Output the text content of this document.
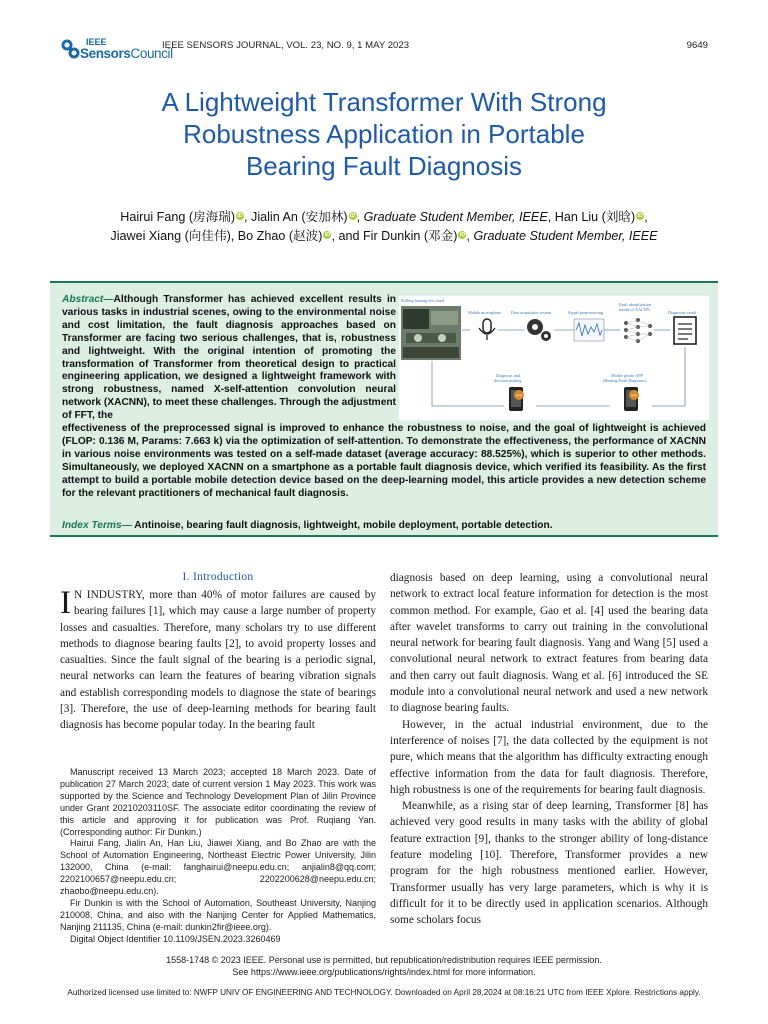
IEEE
SensorsCouncil
IEEE SENSORS JOURNAL, VOL. 23, NO. 9, 1 MAY 2023	9649
A Lightweight Transformer With Strong
Robustness Application in Portable
Bearing Fault Diagnosis
Hairui Fang (房海瑞) iD, Jialin An (安加林) iD, Graduate Student Member, IEEE, Han Liu (刘晗) iD,
Jiawei Xiang (向佳伟), Bo Zhao (赵波) iD, and Fir Dunkin (邓金) iD, Graduate Student Member, IEEE
Abstract—Although Transformer has achieved excellent results in various tasks in industrial scenes, owing to the environmental noise and cost limitation, the fault diagnosis approaches based on Transformer are facing two serious challenges, that is, robustness and lightweight. With the original intention of promoting the transformation of Transformer from theoretical design to practical engineering application, we designed a lightweight framework with strong robustness, named X-self-attention convolution neural network (XACNN), to meet these challenges. Through the adjustment of FFT, the
effectiveness of the preprocessed signal is improved to enhance the robustness to noise, and the goal of lightweight is achieved (FLOP: 0.136 M, Params: 7.663 k) via the optimization of self-attention. To demonstrate the effectiveness, the performance of XACNN in various noise environments was tested on a self-made dataset (average accuracy: 88.525%), which is superior to other methods. Simultaneously, we deployed XACNN on a smartphone as a portable fault diagnosis device, which verified its feasibility. As the first attempt to build a portable mobile detection device based on the deep-learning model, this article provides a new detection scheme for the relevant practitioners of mechanical fault diagnosis.
Index Terms— Antinoise, bearing fault diagnosis, lightweight, mobile deployment, portable detection.
Rolling bearing test stand
Mobile microphone Data acquisition system	Signal preprocessing
Fault identification model of XACNN
Diagnostic result
Diagnosis and decision making
APP
Mobile phone APP (Bearing Fault Diagnosis)
APP
I. Introduction
I N INDUSTRY, more than 40% of motor failures are caused by bearing failures [1], which may cause a large number of property losses and casualties. Therefore, many scholars try to use different methods to diagnose bearing faults [2], to avoid property losses and casualties. Since the fault signal of the bearing is a periodic signal, neural networks can learn the features of bearing vibration signals and establish corresponding models to diagnose the state of bearings [3]. Therefore, the use of deep-learning methods for bearing fault diagnosis has become popular today. In the bearing fault

Manuscript received 13 March 2023; accepted 18 March 2023. Date of publication 27 March 2023; date of current version 1 May 2023. This work was supported by the Science and Technology Development Plan of Jilin Province under Grant 20210203110SF. The associate editor coordinating the review of this article and approving it for publication was Prof. Ruqiang Yan. (Corresponding author: Fir Dunkin.)

Hairui Fang, Jialin An, Han Liu, Jiawei Xiang, and Bo Zhao are with the School of Automation Engineering, Northeast Electric Power University, Jilin 132000, China (e-mail: fanghairui@neepu.edu.cn; anjialin8@qq.com; 2202100657@neepu.edu.cn; 2202200628@neepu.edu.cn; zhaobo@neepu.edu.cn).

Fir Dunkin is with the School of Automation, Southeast University, Nanjing 210008, China, and also with the Nanjing Center for Applied Mathematics, Nanjing 211135, China (e-mail: dunkin2fir@ieee.org).

Digital Object Identifier 10.1109/JSEN.2023.3260469

diagnosis based on deep learning, using a convolutional neural network to extract local feature information for detection is the most common method. For example, Gao et al. [4] used the bearing data after wavelet transforms to carry out training in the convolutional neural network for bearing fault diagnosis. Yang and Wang [5] used a convolutional neural network to extract features from bearing data and then carry out fault diagnosis. Wang et al. [6] introduced the SE module into a convolutional neural network and used a new network to diagnose bearing faults.

However, in the actual industrial environment, due to the interference of noises [7], the data collected by the equipment is not pure, which means that the algorithm has difficulty extracting enough effective information from the data for fault diagnosis. Therefore, high robustness is one of the requirements for bearing fault diagnosis.

Meanwhile, as a rising star of deep learning, Transformer [8] has achieved very good results in many tasks with the ability of global feature extraction [9], thanks to the stronger ability of long-distance feature modeling [10]. Therefore, Transformer provides a new program for the high robustness mentioned earlier. However, Transformer usually has very large parameters, which is why it is difficult for it to be directly used in application scenarios. Although some scholars focus

1558-1748 © 2023 IEEE. Personal use is permitted, but republication/redistribution requires IEEE permission.
See https://www.ieee.org/publications/rights/index.html for more information.
Authorized licensed use limited to: NWFP UNIV OF ENGINEERING AND TECHNOLOGY. Downloaded on April 28,2024 at 08:16:21 UTC from IEEE Xplore. Restrictions apply.
